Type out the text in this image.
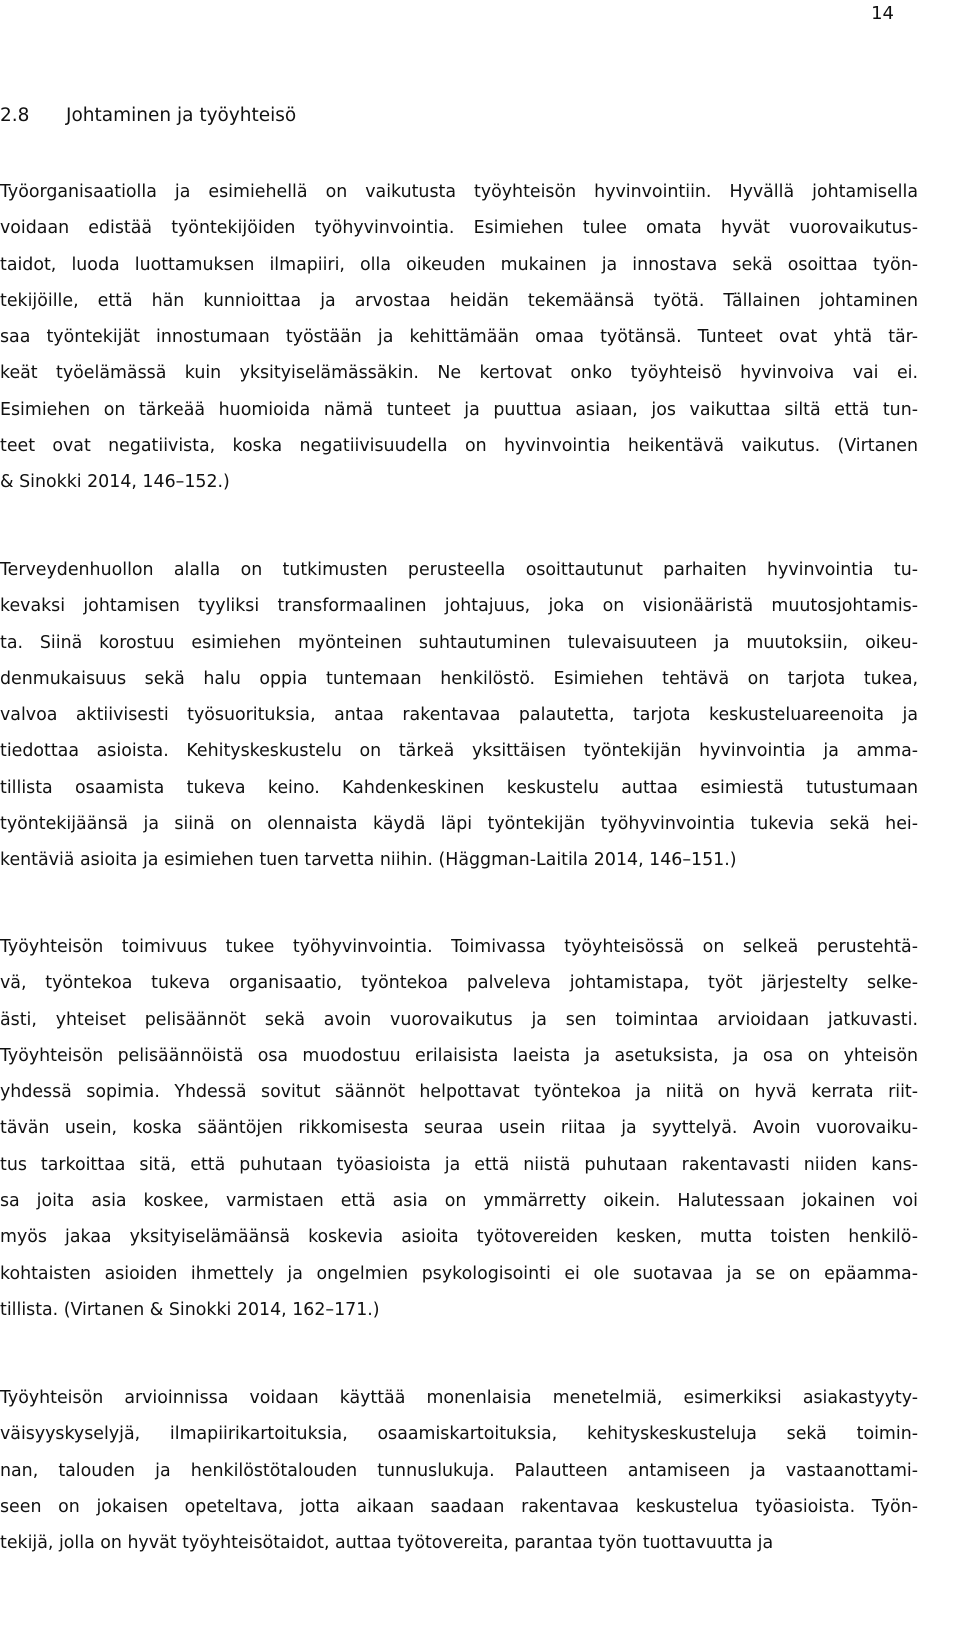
14
2.8	Johtaminen ja työyhteisö
Työorganisaatiolla ja esimiehellä on vaikutusta työyhteisön hyvinvointiin. Hyvällä johtamisella
voidaan edistää työntekijöiden työhyvinvointia. Esimiehen tulee omata hyvät vuorovaikutus-
taidot, luoda luottamuksen ilmapiiri, olla oikeuden mukainen ja innostava sekä osoittaa työn-
tekijöille, että hän kunnioittaa ja arvostaa heidän tekemäänsä työtä. Tällainen johtaminen
saa työntekijät innostumaan työstään ja kehittämään omaa työtänsä. Tunteet ovat yhtä tär-
keät työelämässä kuin yksityiselämässäkin. Ne kertovat onko työyhteisö hyvinvoiva vai ei.
Esimiehen on tärkeää huomioida nämä tunteet ja puuttua asiaan, jos vaikuttaa siltä että tun-
teet ovat negatiivista, koska negatiivisuudella on hyvinvointia heikentävä vaikutus. (Virtanen
& Sinokki 2014, 146–152.)
Terveydenhuollon alalla on tutkimusten perusteella osoittautunut parhaiten hyvinvointia tu-
kevaksi johtamisen tyyliksi transformaalinen johtajuus, joka on visionääristä muutosjohtamis-
ta. Siinä korostuu esimiehen myönteinen suhtautuminen tulevaisuuteen ja muutoksiin, oikeu-
denmukaisuus sekä halu oppia tuntemaan henkilöstö. Esimiehen tehtävä on tarjota tukea,
valvoa aktiivisesti työsuorituksia, antaa rakentavaa palautetta, tarjota keskusteluareenoita ja
tiedottaa asioista. Kehityskeskustelu on tärkeä yksittäisen työntekijän hyvinvointia ja amma-
tillista osaamista tukeva keino. Kahdenkeskinen keskustelu auttaa esimiestä tutustumaan
työntekijäänsä ja siinä on olennaista käydä läpi työntekijän työhyvinvointia tukevia sekä hei-
kentäviä asioita ja esimiehen tuen tarvetta niihin. (Häggman-Laitila 2014, 146–151.)
Työyhteisön toimivuus tukee työhyvinvointia. Toimivassa työyhteisössä on selkeä perustehtä-
vä, työntekoa tukeva organisaatio, työntekoa palveleva johtamistapa, työt järjestelty selke-
ästi, yhteiset pelisäännöt sekä avoin vuorovaikutus ja sen toimintaa arvioidaan jatkuvasti.
Työyhteisön pelisäännöistä osa muodostuu erilaisista laeista ja asetuksista, ja osa on yhteisön
yhdessä sopimia. Yhdessä sovitut säännöt helpottavat työntekoa ja niitä on hyvä kerrata riit-
tävän usein, koska sääntöjen rikkomisesta seuraa usein riitaa ja syyttelyä. Avoin vuorovaiku-
tus tarkoittaa sitä, että puhutaan työasioista ja että niistä puhutaan rakentavasti niiden kans-
sa joita asia koskee, varmistaen että asia on ymmärretty oikein. Halutessaan jokainen voi
myös jakaa yksityiselämäänsä koskevia asioita työtovereiden kesken, mutta toisten henkilö-
kohtaisten asioiden ihmettely ja ongelmien psykologisointi ei ole suotavaa ja se on epäamma-
tillista. (Virtanen & Sinokki 2014, 162–171.)
Työyhteisön arvioinnissa voidaan käyttää monenlaisia menetelmiä, esimerkiksi asiakastyyty-
väisyyskyselyjä, ilmapiirikartoituksia, osaamiskartoituksia, kehityskeskusteluja sekä toimin-
nan, talouden ja henkilöstötalouden tunnuslukuja. Palautteen antamiseen ja vastaanottami-
seen on jokaisen opeteltava, jotta aikaan saadaan rakentavaa keskustelua työasioista. Työn-
tekijä, jolla on hyvät työyhteisötaidot, auttaa työtovereita, parantaa työn tuottavuutta ja
